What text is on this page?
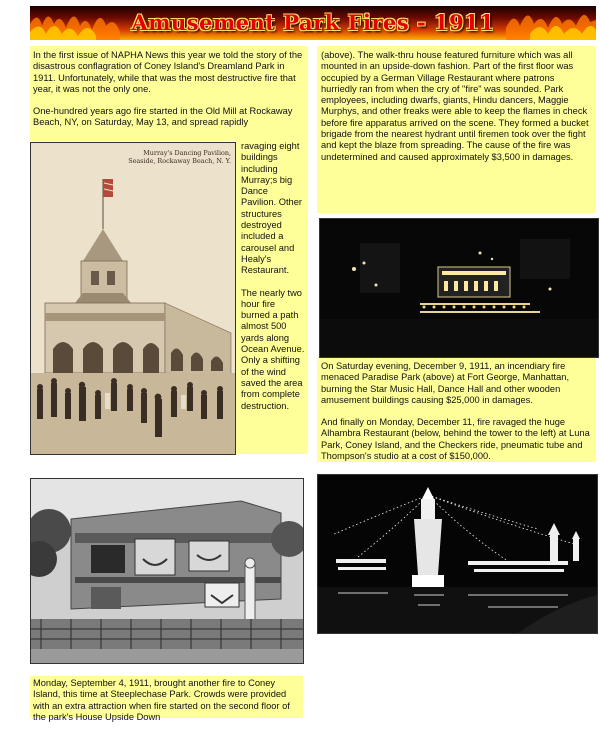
Amusement Park Fires - 1911

In the first issue of NAPHA News this year we told the story of the disastrous conflagration of Coney Island's Dreamland Park in 1911. Unfortunately, while that was the most destructive fire that year, it was not the only one.

One-hundred years ago fire started in the Old Mill at Rockaway Beach, NY, on Saturday, May 13, and spread rapidly

ravaging eight buildings including Murray;s big Dance Pavilion. Other structures destroyed included a carousel and Healy's Restaurant.

The nearly two hour fire burned a path almost 500 yards along Ocean Avenue. Only a shifting of the wind saved the area from complete destruction.

Murray's Dancing Pavilion,
Seaside, Rockaway Beach, N. Y.

Monday, September 4, 1911, brought another fire to Coney Island, this time at Steeplechase Park. Crowds were provided with an extra attraction when fire started on the second floor of the park's House Upside Down

(above). The walk-thru house featured furniture which was all mounted in an upside-down fashion. Part of the first floor was occupied by a German Village Restaurant where patrons hurriedly ran from when the cry of "fire" was sounded. Park employees, including dwarfs, giants, Hindu dancers, Maggie Murphys, and other freaks were able to keep the flames in check before fire apparatus arrived on the scene. They formed a bucket brigade from the nearest hydrant until firemen took over the fight and kept the blaze from spreading. The cause of the fire was undetermined and caused approximately $3,500 in damages.

On Saturday evening, December 9, 1911, an incendiary fire menaced Paradise Park (above) at Fort George, Manhattan, burning the Star Music Hall, Dance Hall and other wooden amusement buildings causing $25,000 in damages.

And finally on Monday, December 11, fire ravaged the huge Alhambra Restaurant (below, behind the tower to the left) at Luna Park, Coney Island, and the Checkers ride, pneumatic tube and Thompson's studio at a cost of $150,000.
